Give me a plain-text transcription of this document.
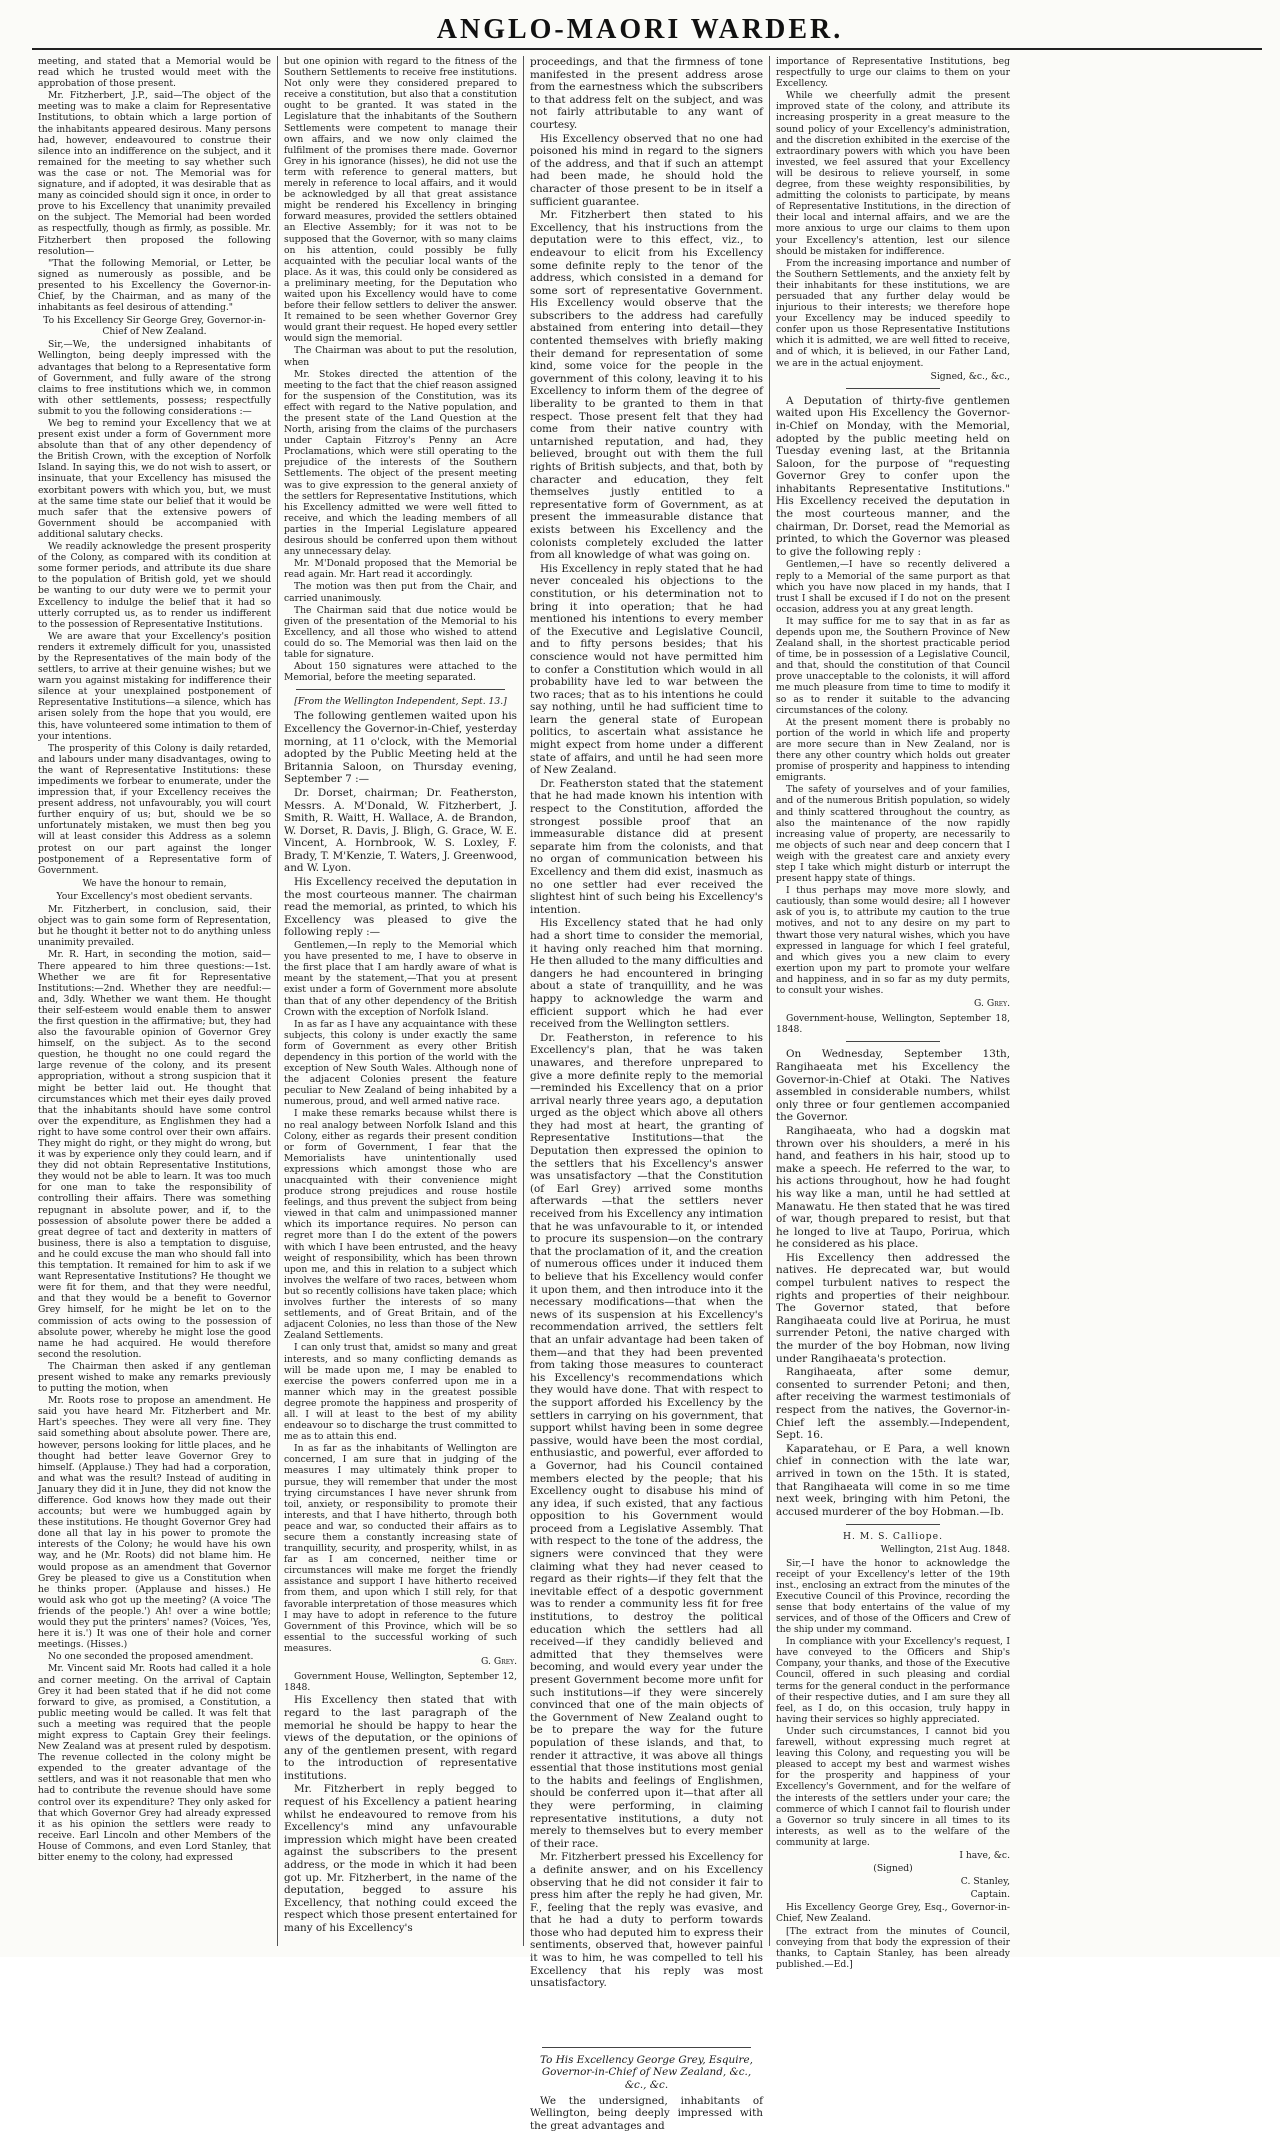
ANGLO-MAORI WARDER.

meeting, and stated that a Memorial would be read which he trusted would meet with the approbation of those present.

Mr. Fitzherbert, J.P., said—The object of the meeting was to make a claim for Representative Institutions, to obtain which a large portion of the inhabitants appeared desirous. Many persons had, however, endeavoured to construe their silence into an indifference on the subject, and it remained for the meeting to say whether such was the case or not. The Memorial was for signature, and if adopted, it was desirable that as many as coincided should sign it once, in order to prove to his Excellency that unanimity prevailed on the subject. The Memorial had been worded as respectfully, though as firmly, as possible. Mr. Fitzherbert then proposed the following resolution—

"That the following Memorial, or Letter, be signed as numerously as possible, and be presented to his Excellency the Governor-in-Chief, by the Chairman, and as many of the inhabitants as feel desirous of attending."

To his Excellency Sir George Grey, Governor-in-Chief of New Zealand.

Sir,—We, the undersigned inhabitants of Wellington, being deeply impressed with the advantages that belong to a Representative form of Government, and fully aware of the strong claims to free institutions which we, in common with other settlements, possess; respectfully submit to you the following considerations :—

We beg to remind your Excellency that we at present exist under a form of Government more absolute than that of any other dependency of the British Crown, with the exception of Norfolk Island. In saying this, we do not wish to assert, or insinuate, that your Excellency has misused the exorbitant powers with which you, but, we must at the same time state our belief that it would be much safer that the extensive powers of Government should be accompanied with additional salutary checks.

We readily acknowledge the present prosperity of the Colony, as compared with its condition at some former periods, and attribute its due share to the population of British gold, yet we should be wanting to our duty were we to permit your Excellency to indulge the belief that it had so utterly corrupted us, as to render us indifferent to the possession of Representative Institutions.

We are aware that your Excellency's position renders it extremely difficult for you, unassisted by the Representatives of the main body of the settlers, to arrive at their genuine wishes; but we warn you against mistaking for indifference their silence at your unexplained postponement of Representative Institutions—a silence, which has arisen solely from the hope that you would, ere this, have volunteered some intimation to them of your intentions.

The prosperity of this Colony is daily retarded, and labours under many disadvantages, owing to the want of Representative Institutions: these impediments we forbear to enumerate, under the impression that, if your Excellency receives the present address, not unfavourably, you will court further enquiry of us; but, should we be so unfortunately mistaken, we must then beg you will at least consider this Address as a solemn protest on our part against the longer postponement of a Representative form of Government.

We have the honour to remain,

Your Excellency's most obedient servants.

Mr. Fitzherbert, in conclusion, said, their object was to gain some form of Representation, but he thought it better not to do anything unless unanimity prevailed.

Mr. R. Hart, in seconding the motion, said—There appeared to him three questions:—1st. Whether we are fit for Representative Institutions:—2nd. Whether they are needful:—and, 3dly. Whether we want them. He thought their self-esteem would enable them to answer the first question in the affirmative; but, they had also the favourable opinion of Governor Grey himself, on the subject. As to the second question, he thought no one could regard the large revenue of the colony, and its present appropriation, without a strong suspicion that it might be better laid out. He thought that circumstances which met their eyes daily proved that the inhabitants should have some control over the expenditure, as Englishmen they had a right to have some control over their own affairs. They might do right, or they might do wrong, but it was by experience only they could learn, and if they did not obtain Representative Institutions, they would not be able to learn. It was too much for one man to take the responsibility of controlling their affairs. There was something repugnant in absolute power, and if, to the possession of absolute power there be added a great degree of tact and dexterity in matters of business, there is also a temptation to disguise, and he could excuse the man who should fall into this temptation. It remained for him to ask if we want Representative Institutions? He thought we were fit for them, and that they were needful, and that they would be a benefit to Governor Grey himself, for he might be let on to the commission of acts owing to the possession of absolute power, whereby he might lose the good name he had acquired. He would therefore second the resolution.

The Chairman then asked if any gentleman present wished to make any remarks previously to putting the motion, when

Mr. Roots rose to propose an amendment. He said you have heard Mr. Fitzherbert and Mr. Hart's speeches. They were all very fine. They said something about absolute power. There are, however, persons looking for little places, and he thought had better leave Governor Grey to himself. (Applause.) They had had a corporation, and what was the result? Instead of auditing in January they did it in June, they did not know the difference. God knows how they made out their accounts; but were we humbugged again by these institutions. He thought Governor Grey had done all that lay in his power to promote the interests of the Colony; he would have his own way, and he (Mr. Roots) did not blame him. He would propose as an amendment that Governor Grey be pleased to give us a Constitution when he thinks proper. (Applause and hisses.) He would ask who got up the meeting? (A voice 'The friends of the people.') Ah! over a wine bottle; would they put the printers' names? (Voices, 'Yes, here it is.') It was one of their hole and corner meetings. (Hisses.)

No one seconded the proposed amendment.

Mr. Vincent said Mr. Roots had called it a hole and corner meeting. On the arrival of Captain Grey it had been stated that if he did not come forward to give, as promised, a Constitution, a public meeting would be called. It was felt that such a meeting was required that the people might express to Captain Grey their feelings. New Zealand was at present ruled by despotism. The revenue collected in the colony might be expended to the greater advantage of the settlers, and was it not reasonable that men who had to contribute the revenue should have some control over its expenditure? They only asked for that which Governor Grey had already expressed it as his opinion the settlers were ready to receive. Earl Lincoln and other Members of the House of Commons, and even Lord Stanley, that bitter enemy to the colony, had expressed

but one opinion with regard to the fitness of the Southern Settlements to receive free institutions. Not only were they considered prepared to receive a constitution, but also that a constitution ought to be granted. It was stated in the Legislature that the inhabitants of the Southern Settlements were competent to manage their own affairs, and we now only claimed the fulfilment of the promises there made. Governor Grey in his ignorance (hisses), he did not use the term with reference to general matters, but merely in reference to local affairs, and it would be acknowledged by all that great assistance might be rendered his Excellency in bringing forward measures, provided the settlers obtained an Elective Assembly; for it was not to be supposed that the Governor, with so many claims on his attention, could possibly be fully acquainted with the peculiar local wants of the place. As it was, this could only be considered as a preliminary meeting, for the Deputation who waited upon his Excellency would have to come before their fellow settlers to deliver the answer. It remained to be seen whether Governor Grey would grant their request. He hoped every settler would sign the memorial.

The Chairman was about to put the resolution, when

Mr. Stokes directed the attention of the meeting to the fact that the chief reason assigned for the suspension of the Constitution, was its effect with regard to the Native population, and the present state of the Land Question at the North, arising from the claims of the purchasers under Captain Fitzroy's Penny an Acre Proclamations, which were still operating to the prejudice of the interests of the Southern Settlements. The object of the present meeting was to give expression to the general anxiety of the settlers for Representative Institutions, which his Excellency admitted we were well fitted to receive, and which the leading members of all parties in the Imperial Legislature appeared desirous should be conferred upon them without any unnecessary delay.

Mr. M'Donald proposed that the Memorial be read again. Mr. Hart read it accordingly.

The motion was then put from the Chair, and carried unanimously.

The Chairman said that due notice would be given of the presentation of the Memorial to his Excellency, and all those who wished to attend could do so. The Memorial was then laid on the table for signature.

About 150 signatures were attached to the Memorial, before the meeting separated.

[From the Wellington Independent, Sept. 13.]

The following gentlemen waited upon his Excellency the Governor-in-Chief, yesterday morning, at 11 o'clock, with the Memorial adopted by the Public Meeting held at the Britannia Saloon, on Thursday evening, September 7 :—

Dr. Dorset, chairman; Dr. Featherston, Messrs. A. M'Donald, W. Fitzherbert, J. Smith, R. Waitt, H. Wallace, A. de Brandon, W. Dorset, R. Davis, J. Bligh, G. Grace, W. E. Vincent, A. Hornbrook, W. S. Loxley, F. Brady, T. M'Kenzie, T. Waters, J. Greenwood, and W. Lyon.

His Excellency received the deputation in the most courteous manner. The chairman read the memorial, as printed, to which his Excellency was pleased to give the following reply :—

Gentlemen,—In reply to the Memorial which you have presented to me, I have to observe in the first place that I am hardly aware of what is meant by the statement,—That you at present exist under a form of Government more absolute than that of any other dependency of the British Crown with the exception of Norfolk Island.

In as far as I have any acquaintance with these subjects, this colony is under exactly the same form of Government as every other British dependency in this portion of the world with the exception of New South Wales. Although none of the adjacent Colonies present the feature peculiar to New Zealand of being inhabited by a numerous, proud, and well armed native race.

I make these remarks because whilst there is no real analogy between Norfolk Island and this Colony, either as regards their present condition or form of Government, I fear that the Memorialists have unintentionally used expressions which amongst those who are unacquainted with their convenience might produce strong prejudices and rouse hostile feelings, and thus prevent the subject from being viewed in that calm and unimpassioned manner which its importance requires. No person can regret more than I do the extent of the powers with which I have been entrusted, and the heavy weight of responsibility, which has been thrown upon me, and this in relation to a subject which involves the welfare of two races, between whom but so recently collisions have taken place; which involves further the interests of so many settlements, and of Great Britain, and of the adjacent Colonies, no less than those of the New Zealand Settlements.

I can only trust that, amidst so many and great interests, and so many conflicting demands as will be made upon me, I may be enabled to exercise the powers conferred upon me in a manner which may in the greatest possible degree promote the happiness and prosperity of all. I will at least to the best of my ability endeavour so to discharge the trust committed to me as to attain this end.

In as far as the inhabitants of Wellington are concerned, I am sure that in judging of the measures I may ultimately think proper to pursue, they will remember that under the most trying circumstances I have never shrunk from toil, anxiety, or responsibility to promote their interests, and that I have hitherto, through both peace and war, so conducted their affairs as to secure them a constantly increasing state of tranquillity, security, and prosperity, whilst, in as far as I am concerned, neither time or circumstances will make me forget the friendly assistance and support I have hitherto received from them, and upon which I still rely, for that favorable interpretation of those measures which I may have to adopt in reference to the future Government of this Province, which will be so essential to the successful working of such measures.

G. Grey.

Government House, Wellington, September 12, 1848.

His Excellency then stated that with regard to the last paragraph of the memorial he should be happy to hear the views of the deputation, or the opinions of any of the gentlemen present, with regard to the introduction of representative institutions.

Mr. Fitzherbert in reply begged to request of his Excellency a patient hearing whilst he endeavoured to remove from his Excellency's mind any unfavourable impression which might have been created against the subscribers to the present address, or the mode in which it had been got up. Mr. Fitzherbert, in the name of the deputation, begged to assure his Excellency, that nothing could exceed the respect which those present entertained for many of his Excellency's

proceedings, and that the firmness of tone manifested in the present address arose from the earnestness which the subscribers to that address felt on the subject, and was not fairly attributable to any want of courtesy.

His Excellency observed that no one had poisoned his mind in regard to the signers of the address, and that if such an attempt had been made, he should hold the character of those present to be in itself a sufficient guarantee.

Mr. Fitzherbert then stated to his Excellency, that his instructions from the deputation were to this effect, viz., to endeavour to elicit from his Excellency some definite reply to the tenor of the address, which consisted in a demand for some sort of representative Government. His Excellency would observe that the subscribers to the address had carefully abstained from entering into detail—they contented themselves with briefly making their demand for representation of some kind, some voice for the people in the government of this colony, leaving it to his Excellency to inform them of the degree of liberality to be granted to them in that respect. Those present felt that they had come from their native country with untarnished reputation, and had, they believed, brought out with them the full rights of British subjects, and that, both by character and education, they felt themselves justly entitled to a representative form of Government, as at present the immeasurable distance that exists between his Excellency and the colonists completely excluded the latter from all knowledge of what was going on.

His Excellency in reply stated that he had never concealed his objections to the constitution, or his determination not to bring it into operation; that he had mentioned his intentions to every member of the Executive and Legislative Council, and to fifty persons besides; that his conscience would not have permitted him to confer a Constitution which would in all probability have led to war between the two races; that as to his intentions he could say nothing, until he had sufficient time to learn the general state of European politics, to ascertain what assistance he might expect from home under a different state of affairs, and until he had seen more of New Zealand.

Dr. Featherston stated that the statement that he had made known his intention with respect to the Constitution, afforded the strongest possible proof that an immeasurable distance did at present separate him from the colonists, and that no organ of communication between his Excellency and them did exist, inasmuch as no one settler had ever received the slightest hint of such being his Excellency's intention.

His Excellency stated that he had only had a short time to consider the memorial, it having only reached him that morning. He then alluded to the many difficulties and dangers he had encountered in bringing about a state of tranquillity, and he was happy to acknowledge the warm and efficient support which he had ever received from the Wellington settlers.

Dr. Featherston, in reference to his Excellency's plan, that he was taken unawares, and therefore unprepared to give a more definite reply to the memorial—reminded his Excellency that on a prior arrival nearly three years ago, a deputation urged as the object which above all others they had most at heart, the granting of Representative Institutions—that the Deputation then expressed the opinion to the settlers that his Excellency's answer was unsatisfactory —that the Constitution (of Earl Grey) arrived some months afterwards —that the settlers never received from his Excellency any intimation that he was unfavourable to it, or intended to procure its suspension—on the contrary that the proclamation of it, and the creation of numerous offices under it induced them to believe that his Excellency would confer it upon them, and then introduce into it the necessary modifications—that when the news of its suspension at his Excellency's recommendation arrived, the settlers felt that an unfair advantage had been taken of them—and that they had been prevented from taking those measures to counteract his Excellency's recommendations which they would have done. That with respect to the support afforded his Excellency by the settlers in carrying on his government, that support whilst having been in some degree passive, would have been the most cordial, enthusiastic, and powerful, ever afforded to a Governor, had his Council contained members elected by the people; that his Excellency ought to disabuse his mind of any idea, if such existed, that any factious opposition to his Government would proceed from a Legislative Assembly. That with respect to the tone of the address, the signers were convinced that they were claiming what they had never ceased to regard as their rights—if they felt that the inevitable effect of a despotic government was to render a community less fit for free institutions, to destroy the political education which the settlers had all received—if they candidly believed and admitted that they themselves were becoming, and would every year under the present Government become more unfit for such institutions—if they were sincerely convinced that one of the main objects of the Government of New Zealand ought to be to prepare the way for the future population of these islands, and that, to render it attractive, it was above all things essential that those institutions most genial to the habits and feelings of Englishmen, should be conferred upon it—that after all they were performing, in claiming representative institutions, a duty not merely to themselves but to every member of their race.

Mr. Fitzherbert pressed his Excellency for a definite answer, and on his Excellency observing that he did not consider it fair to press him after the reply he had given, Mr. F., feeling that the reply was evasive, and that he had a duty to perform towards those who had deputed him to express their sentiments, observed that, however painful it was to him, he was compelled to tell his Excellency that his reply was most unsatisfactory.

To His Excellency George Grey, Esquire, Governor-in-Chief of New Zealand, &c., &c., &c.

We the undersigned, inhabitants of Wellington, being deeply impressed with the great advantages and

importance of Representative Institutions, beg respectfully to urge our claims to them on your Excellency.

While we cheerfully admit the present improved state of the colony, and attribute its increasing prosperity in a great measure to the sound policy of your Excellency's administration, and the discretion exhibited in the exercise of the extraordinary powers with which you have been invested, we feel assured that your Excellency will be desirous to relieve yourself, in some degree, from these weighty responsibilities, by admitting the colonists to participate, by means of Representative Institutions, in the direction of their local and internal affairs, and we are the more anxious to urge our claims to them upon your Excellency's attention, lest our silence should be mistaken for indifference.

From the increasing importance and number of the Southern Settlements, and the anxiety felt by their inhabitants for these institutions, we are persuaded that any further delay would be injurious to their interests; we therefore hope your Excellency may be induced speedily to confer upon us those Representative Institutions which it is admitted, we are well fitted to receive, and of which, it is believed, in our Father Land, we are in the actual enjoyment.

Signed, &c., &c.,

A Deputation of thirty-five gentlemen waited upon His Excellency the Governor-in-Chief on Monday, with the Memorial, adopted by the public meeting held on Tuesday evening last, at the Britannia Saloon, for the purpose of "requesting Governor Grey to confer upon the inhabitants Representative Institutions." His Excellency received the deputation in the most courteous manner, and the chairman, Dr. Dorset, read the Memorial as printed, to which the Governor was pleased to give the following reply :

Gentlemen,—I have so recently delivered a reply to a Memorial of the same purport as that which you have now placed in my hands, that I trust I shall be excused if I do not on the present occasion, address you at any great length.

It may suffice for me to say that in as far as depends upon me, the Southern Province of New Zealand shall, in the shortest practicable period of time, be in possession of a Legislative Council, and that, should the constitution of that Council prove unacceptable to the colonists, it will afford me much pleasure from time to time to modify it so as to render it suitable to the advancing circumstances of the colony.

At the present moment there is probably no portion of the world in which life and property are more secure than in New Zealand, nor is there any other country which holds out greater promise of prosperity and happiness to intending emigrants.

The safety of yourselves and of your families, and of the numerous British population, so widely and thinly scattered throughout the country, as also the maintenance of the now rapidly increasing value of property, are necessarily to me objects of such near and deep concern that I weigh with the greatest care and anxiety every step I take which might disturb or interrupt the present happy state of things.

I thus perhaps may move more slowly, and cautiously, than some would desire; all I however ask of you is, to attribute my caution to the true motives, and not to any desire on my part to thwart those very natural wishes, which you have expressed in language for which I feel grateful, and which gives you a new claim to every exertion upon my part to promote your welfare and happiness, and in so far as my duty permits, to consult your wishes.

G. Grey.

Government-house, Wellington, September 18, 1848.

On Wednesday, September 13th, Rangihaeata met his Excellency the Governor-in-Chief at Otaki. The Natives assembled in considerable numbers, whilst only three or four gentlemen accompanied the Governor.

Rangihaeata, who had a dogskin mat thrown over his shoulders, a meré in his hand, and feathers in his hair, stood up to make a speech. He referred to the war, to his actions throughout, how he had fought his way like a man, until he had settled at Manawatu. He then stated that he was tired of war, though prepared to resist, but that he longed to live at Taupo, Porirua, which he considered as his place.

His Excellency then addressed the natives. He deprecated war, but would compel turbulent natives to respect the rights and properties of their neighbour. The Governor stated, that before Rangihaeata could live at Porirua, he must surrender Petoni, the native charged with the murder of the boy Hobman, now living under Rangihaeata's protection.

Rangihaeata, after some demur, consented to surrender Petoni; and then, after receiving the warmest testimonials of respect from the natives, the Governor-in-Chief left the assembly.—Independent, Sept. 16.

Kaparatehau, or E Para, a well known chief in connection with the late war, arrived in town on the 15th. It is stated, that Rangihaeata will come in so me time next week, bringing with him Petoni, the accused murderer of the boy Hobman.—Ib.

H. M. S. Calliope.

Wellington, 21st Aug. 1848.

Sir,—I have the honor to acknowledge the receipt of your Excellency's letter of the 19th inst., enclosing an extract from the minutes of the Executive Council of this Province, recording the sense that body entertains of the value of my services, and of those of the Officers and Crew of the ship under my command.

In compliance with your Excellency's request, I have conveyed to the Officers and Ship's Company, your thanks, and those of the Executive Council, offered in such pleasing and cordial terms for the general conduct in the performance of their respective duties, and I am sure they all feel, as I do, on this occasion, truly happy in having their services so highly appreciated.

Under such circumstances, I cannot bid you farewell, without expressing much regret at leaving this Colony, and requesting you will be pleased to accept my best and warmest wishes for the prosperity and happiness of your Excellency's Government, and for the welfare of the interests of the settlers under your care; the commerce of which I cannot fail to flourish under a Governor so truly sincere in all times to its interests, as well as to the welfare of the community at large.

I have, &c.

(Signed)

C. Stanley,

Captain.

His Excellency George Grey, Esq., Governor-in-Chief, New Zealand.

[The extract from the minutes of Council, conveying from that body the expression of their thanks, to Captain Stanley, has been already published.—Ed.]
